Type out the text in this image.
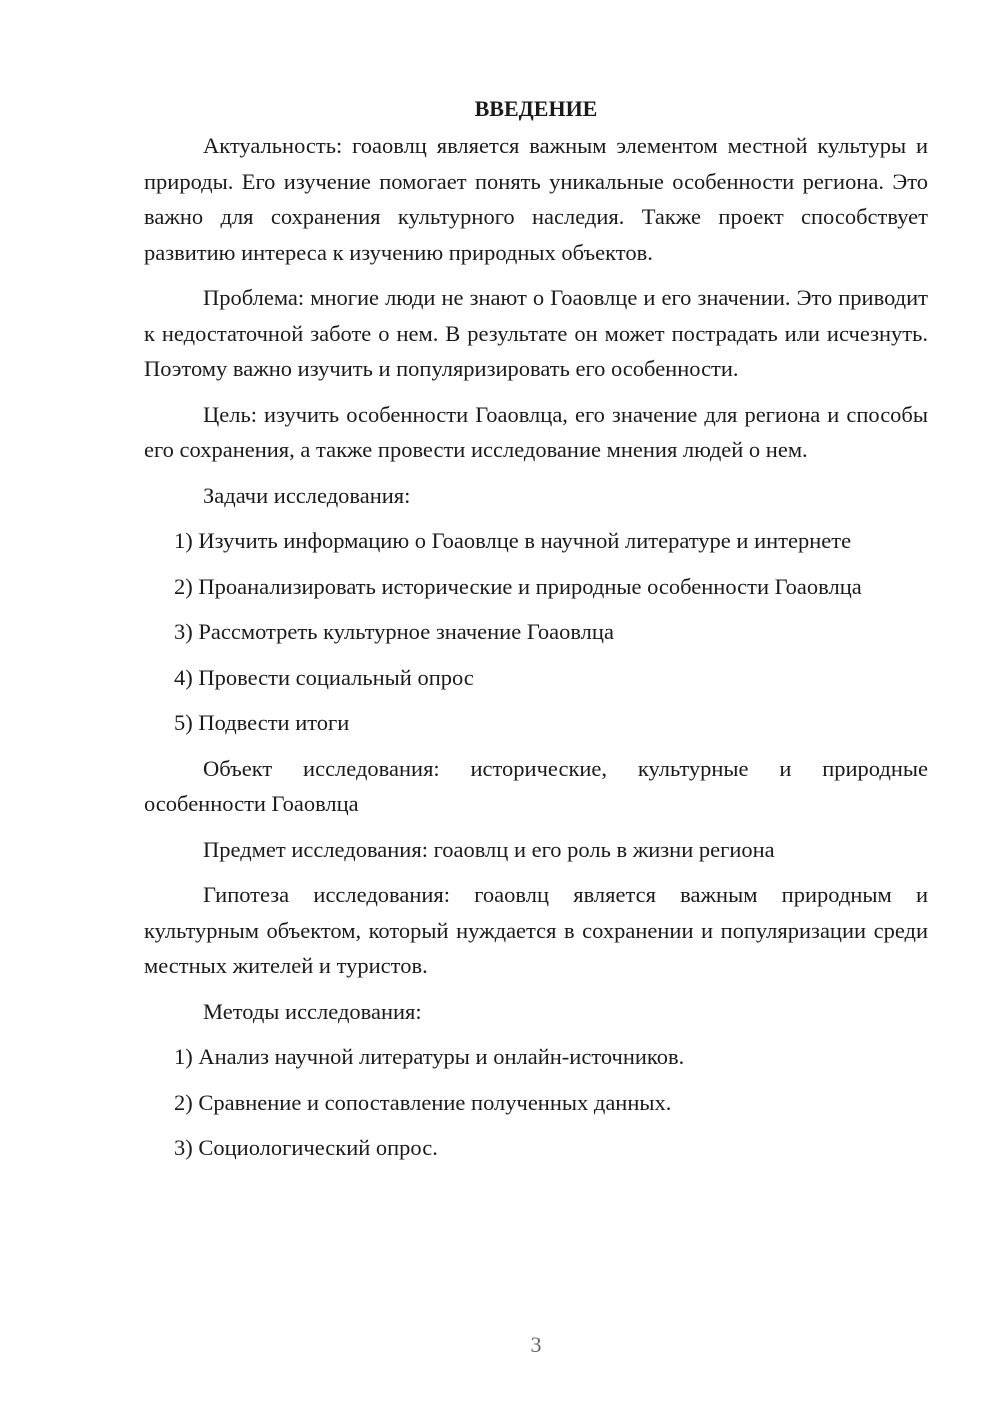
ВВЕДЕНИЕ

Актуальность: гоаовлц является важным элементом местной культуры и природы. Его изучение помогает понять уникальные особенности региона. Это важно для сохранения культурного наследия. Также проект способствует развитию интереса к изучению природных объектов.

Проблема: многие люди не знают о Гоаовлце и его значении. Это приводит к недостаточной заботе о нем. В результате он может пострадать или исчезнуть. Поэтому важно изучить и популяризировать его особенности.

Цель: изучить особенности Гоаовлца, его значение для региона и способы его сохранения, а также провести исследование мнения людей о нем.

Задачи исследования:

1) Изучить информацию о Гоаовлце в научной литературе и интернете

2) Проанализировать исторические и природные особенности Гоаовлца

3) Рассмотреть культурное значение Гоаовлца

4) Провести социальный опрос

5) Подвести итоги

Объект исследования: исторические, культурные и природные особенности Гоаовлца

Предмет исследования: гоаовлц и его роль в жизни региона

Гипотеза исследования: гоаовлц является важным природным и культурным объектом, который нуждается в сохранении и популяризации среди местных жителей и туристов.

Методы исследования:

1) Анализ научной литературы и онлайн-источников.

2) Сравнение и сопоставление полученных данных.

3) Социологический опрос.

3
